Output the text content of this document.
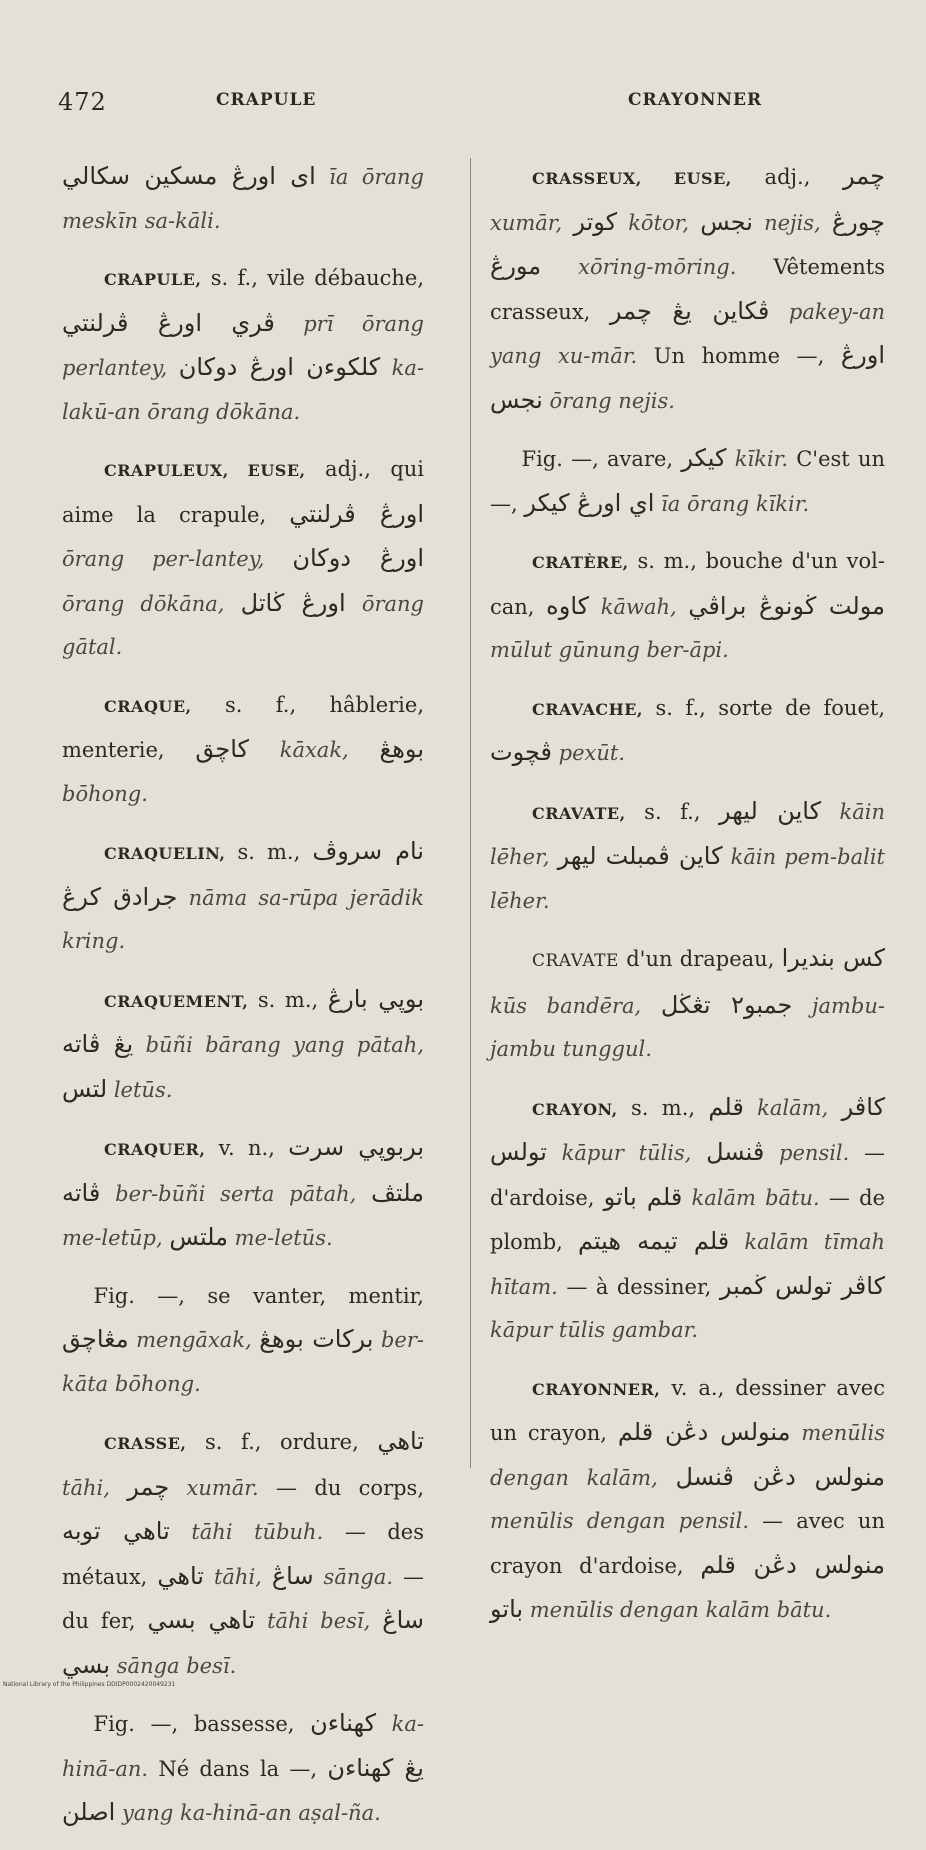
472	CRAPULE	CRAYONNER

ای اورڠ مسكين سكالي īa ōrang meskīn sa-kāli.

CRAPULE, s. f., vile débauche, ڤري اورڠ ڤرلنتي prī ōrang perlantey, كلكوءن اورڠ دوكان ka-lakū-an ōrang dōkāna.

CRAPULEUX, EUSE, adj., qui aime la crapule, اورڠ ڤرلنتي ōrang per-lantey, اورڠ دوكان ōrang dōkāna, اورڠ ڬاتل ōrang gātal.

CRAQUE, s. f., hâblerie, menterie, كاچق kāxak, بوهڠ bōhong.

CRAQUELIN, s. m., نام سروڤ جرادق كرڠ nāma sa-rūpa jerādik kring.

CRAQUEMENT, s. m., بوڽي بارڠ يڠ ڤاته būñi bārang yang pātah, لتس letūs.

CRAQUER, v. n., بربوڽي سرت ڤاته ber-būñi serta pātah, ملتڤ me-letūp, ملتس me-letūs.

Fig. —, se vanter, mentir, مڠاچق mengāxak, بركات بوهڠ ber-kāta bōhong.

CRASSE, s. f., ordure, تاهي tāhi, چمر xumār. — du corps, تاهي توبه tāhi tūbuh. — des métaux, تاهي tāhi, ساڠ sānga. — du fer, تاهي بسي tāhi besī, ساڠ بسي sānga besī.

Fig. —, bassesse, كهناءن ka-hinā-an. Né dans la —, يڠ كهناءن اصلن yang ka-hinā-an aṣal-ña.

CRASSEUX, EUSE, adj., چمر xumār, كوتر kōtor, نجس nejis, چورڠ مورڠ xōring-mōring. Vêtements crasseux, ڤكاين يڠ چمر pakey-an yang xu-mār. Un homme —, اورڠ نجس ōrang nejis.

Fig. —, avare, كيكر kīkir. C'est un —, اي اورڠ كيكر īa ōrang kīkir.

CRATÈRE, s. m., bouche d'un vol-can, كاوه kāwah, مولت ڬونوڠ براڤي mūlut gūnung ber-āpi.

CRAVACHE, s. f., sorte de fouet, ڤچوت pexūt.

CRAVATE, s. f., كاين ليهر kāin lēher, كاين ڤمبلت ليهر kāin pem-balit lēher.

CRAVATE d'un drapeau, كس بنديرا kūs bandēra, جمبو٢ تڠڬل jambu-jambu tunggul.

CRAYON, s. m., قلم kalām, كاڤر تولس kāpur tūlis, ڤنسل pensil. — d'ardoise, قلم باتو kalām bātu. — de plomb, قلم تيمه هيتم kalām tīmah hītam. — à dessiner, كاڤر تولس ڬمبر kāpur tūlis gambar.

CRAYONNER, v. a., dessiner avec un crayon, منولس دڠن قلم menūlis dengan kalām, منولس دڠن ڤنسل menūlis dengan pensil. — avec un crayon d'ardoise, منولس دڠن قلم باتو menūlis dengan kalām bātu.

National Library of the Philippines DDIDP0002420049231
